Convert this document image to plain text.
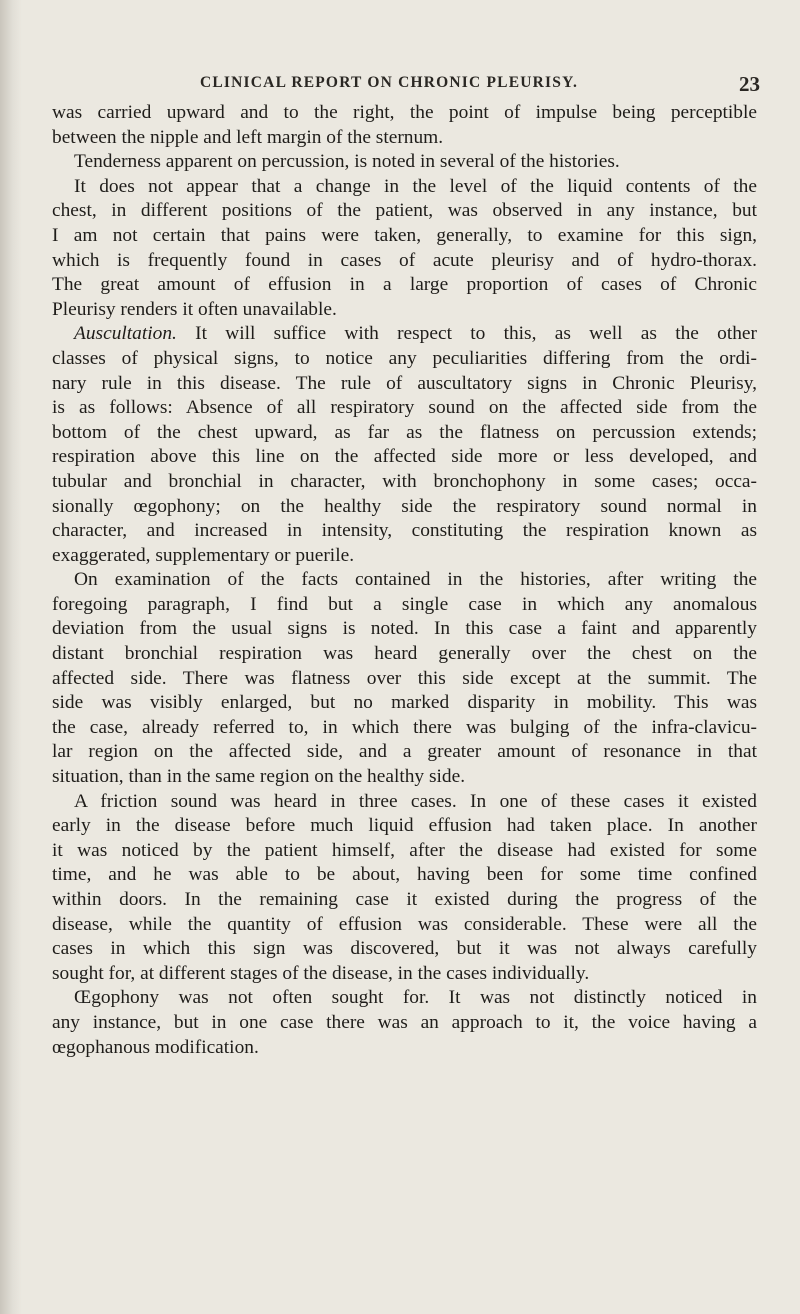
CLINICAL REPORT ON CHRONIC PLEURISY.	23
was carried upward and to the right, the point of impulse being perceptible
between the nipple and left margin of the sternum.
Tenderness apparent on percussion, is noted in several of the histories.
It does not appear that a change in the level of the liquid contents of the
chest, in different positions of the patient, was observed in any instance, but
I am not certain that pains were taken, generally, to examine for this sign,
which is frequently found in cases of acute pleurisy and of hydro-thorax.
The great amount of effusion in a large proportion of cases of Chronic
Pleurisy renders it often unavailable.
Auscultation. It will suffice with respect to this, as well as the other
classes of physical signs, to notice any peculiarities differing from the ordi-
nary rule in this disease. The rule of auscultatory signs in Chronic Pleurisy,
is as follows: Absence of all respiratory sound on the affected side from the
bottom of the chest upward, as far as the flatness on percussion extends;
respiration above this line on the affected side more or less developed, and
tubular and bronchial in character, with bronchophony in some cases; occa-
sionally œgophony; on the healthy side the respiratory sound normal in
character, and increased in intensity, constituting the respiration known as
exaggerated, supplementary or puerile.
On examination of the facts contained in the histories, after writing the
foregoing paragraph, I find but a single case in which any anomalous
deviation from the usual signs is noted. In this case a faint and apparently
distant bronchial respiration was heard generally over the chest on the
affected side. There was flatness over this side except at the summit. The
side was visibly enlarged, but no marked disparity in mobility. This was
the case, already referred to, in which there was bulging of the infra-clavicu-
lar region on the affected side, and a greater amount of resonance in that
situation, than in the same region on the healthy side.
A friction sound was heard in three cases. In one of these cases it existed
early in the disease before much liquid effusion had taken place. In another
it was noticed by the patient himself, after the disease had existed for some
time, and he was able to be about, having been for some time confined
within doors. In the remaining case it existed during the progress of the
disease, while the quantity of effusion was considerable. These were all the
cases in which this sign was discovered, but it was not always carefully
sought for, at different stages of the disease, in the cases individually.
Œgophony was not often sought for. It was not distinctly noticed in
any instance, but in one case there was an approach to it, the voice having a
œgophanous modification.
